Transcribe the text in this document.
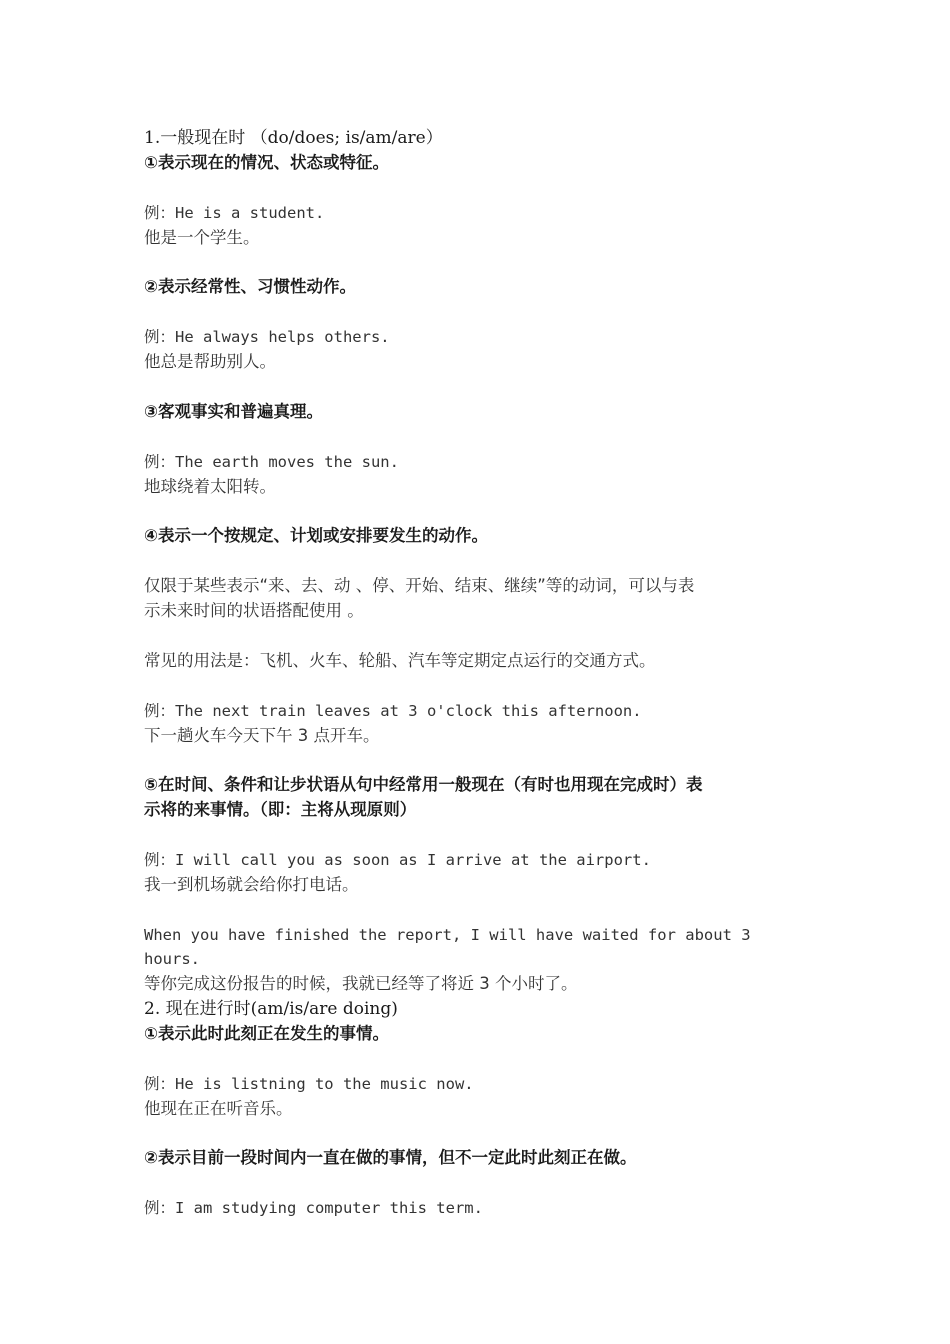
1.一般现在时 （do/does; is/am/are）
①表示现在的情况、状态或特征。
例：He is a student.
他是一个学生。
②表示经常性、习惯性动作。
例：He always helps others.
他总是帮助别人。
③客观事实和普遍真理。
例：The earth moves the sun.
地球绕着太阳转。
④表示一个按规定、计划或安排要发生的动作。
仅限于某些表示“来、去、动 、停、开始、结束、继续”等的动词，可以与表
示未来时间的状语搭配使用 。
常见的用法是：飞机、火车、轮船、汽车等定期定点运行的交通方式。
例：The next train leaves at 3 o'clock this afternoon.
下一趟火车今天下午 3 点开车。
⑤在时间、条件和让步状语从句中经常用一般现在（有时也用现在完成时）表
示将的来事情。（即：主将从现原则）
例：I will call you as soon as I arrive at the airport.
我一到机场就会给你打电话。
When you have finished the report, I will have waited for about 3
hours.
等你完成这份报告的时候，我就已经等了将近 3 个小时了。
2. 现在进行时(am/is/are doing)
①表示此时此刻正在发生的事情。
例：He is listning to the music now.
他现在正在听音乐。
②表示目前一段时间内一直在做的事情，但不一定此时此刻正在做。
例：I am studying computer this term.
